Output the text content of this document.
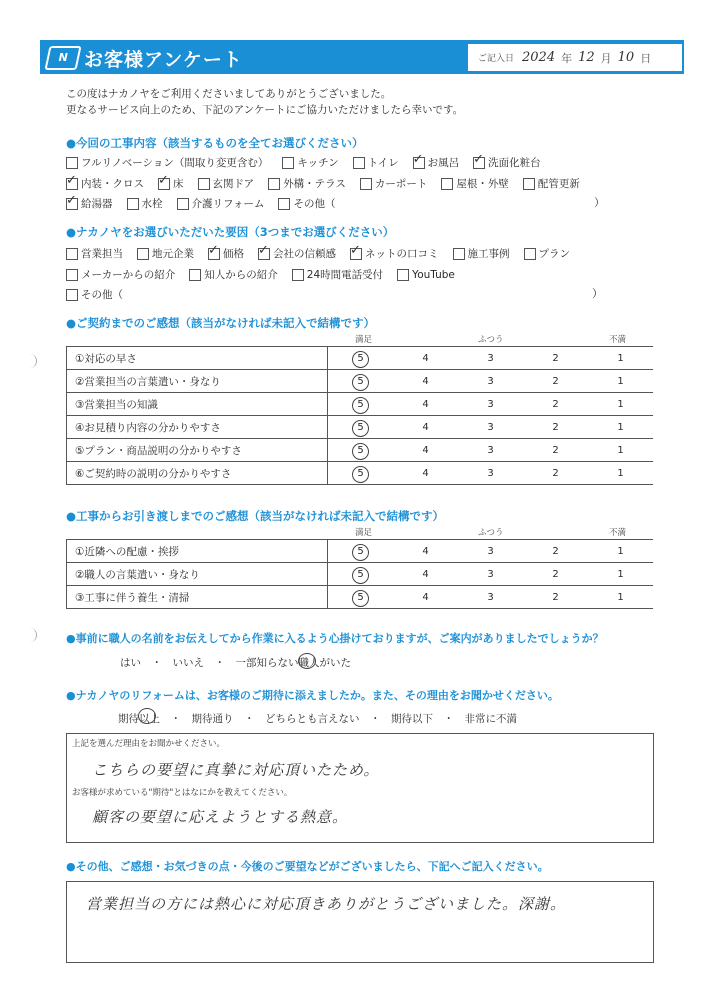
N お客様アンケート	ご記入日 2024 年 12 月 10 日
この度はナカノヤをご利用くださいましてありがとうございました。
更なるサービス向上のため、下記のアンケートにご協力いただけましたら幸いです。
●今回の工事内容（該当するものを全てお選びください）
フルリノベーション（間取り変更含む）	キッチン	トイレ ✓	お風呂 ✓	洗面化粧台
✓
内装・クロス ✓	床	玄関ドア	外構・テラス	カーポート	屋根・外壁	配管更新
✓
給湯器	水栓	介護リフォーム	その他（	）
●ナカノヤをお選びいただいた要因（3つまでお選びください）
営業担当	地元企業 ✓	価格 ✓	会社の信頼感 ✓	ネットの口コミ	施工事例	プラン
メーカーからの紹介	知人からの紹介	24時間電話受付	YouTube
その他（	）
●ご契約までのご感想（該当がなければ未記入で結構です）
満足	ふつう	不満
①対応の早さ	5 4 3 2 1

②営業担当の言葉遣い・身なり	5 4 3 2 1

③営業担当の知識	5 4 3 2 1

④お見積り内容の分かりやすさ	5 4 3 2 1

⑤プラン・商品説明の分かりやすさ	5 4 3 2 1

⑥ご契約時の説明の分かりやすさ	5 4 3 2 1
●工事からお引き渡しまでのご感想（該当がなければ未記入で結構です）
満足	ふつう	不満
①近隣への配慮・挨拶	5 4 3 2 1

②職人の言葉遣い・身なり	5 4 3 2 1

③工事に伴う養生・清掃	5 4 3 2 1
●事前に職人の名前をお伝えしてから作業に入るよう心掛けておりますが、ご案内がありましたでしょうか？
はい　・　いいえ　・　一部知らない職人がいた
●ナカノヤのリフォームは、お客様のご期待に添えましたか。また、その理由をお聞かせください。
期待以上　・　期待通り　・　どちらとも言えない　・　期待以下　・　非常に不満
上記を選んだ理由をお聞かせください。
こちらの要望に真摯に対応頂いたため。
お客様が求めている"期待"とはなにかを教えてください。
顧客の要望に応えようとする熱意。
●その他、ご感想・お気づきの点・今後のご要望などがございましたら、下記へご記入ください。
営業担当の方には熱心に対応頂きありがとうございました。深謝。
